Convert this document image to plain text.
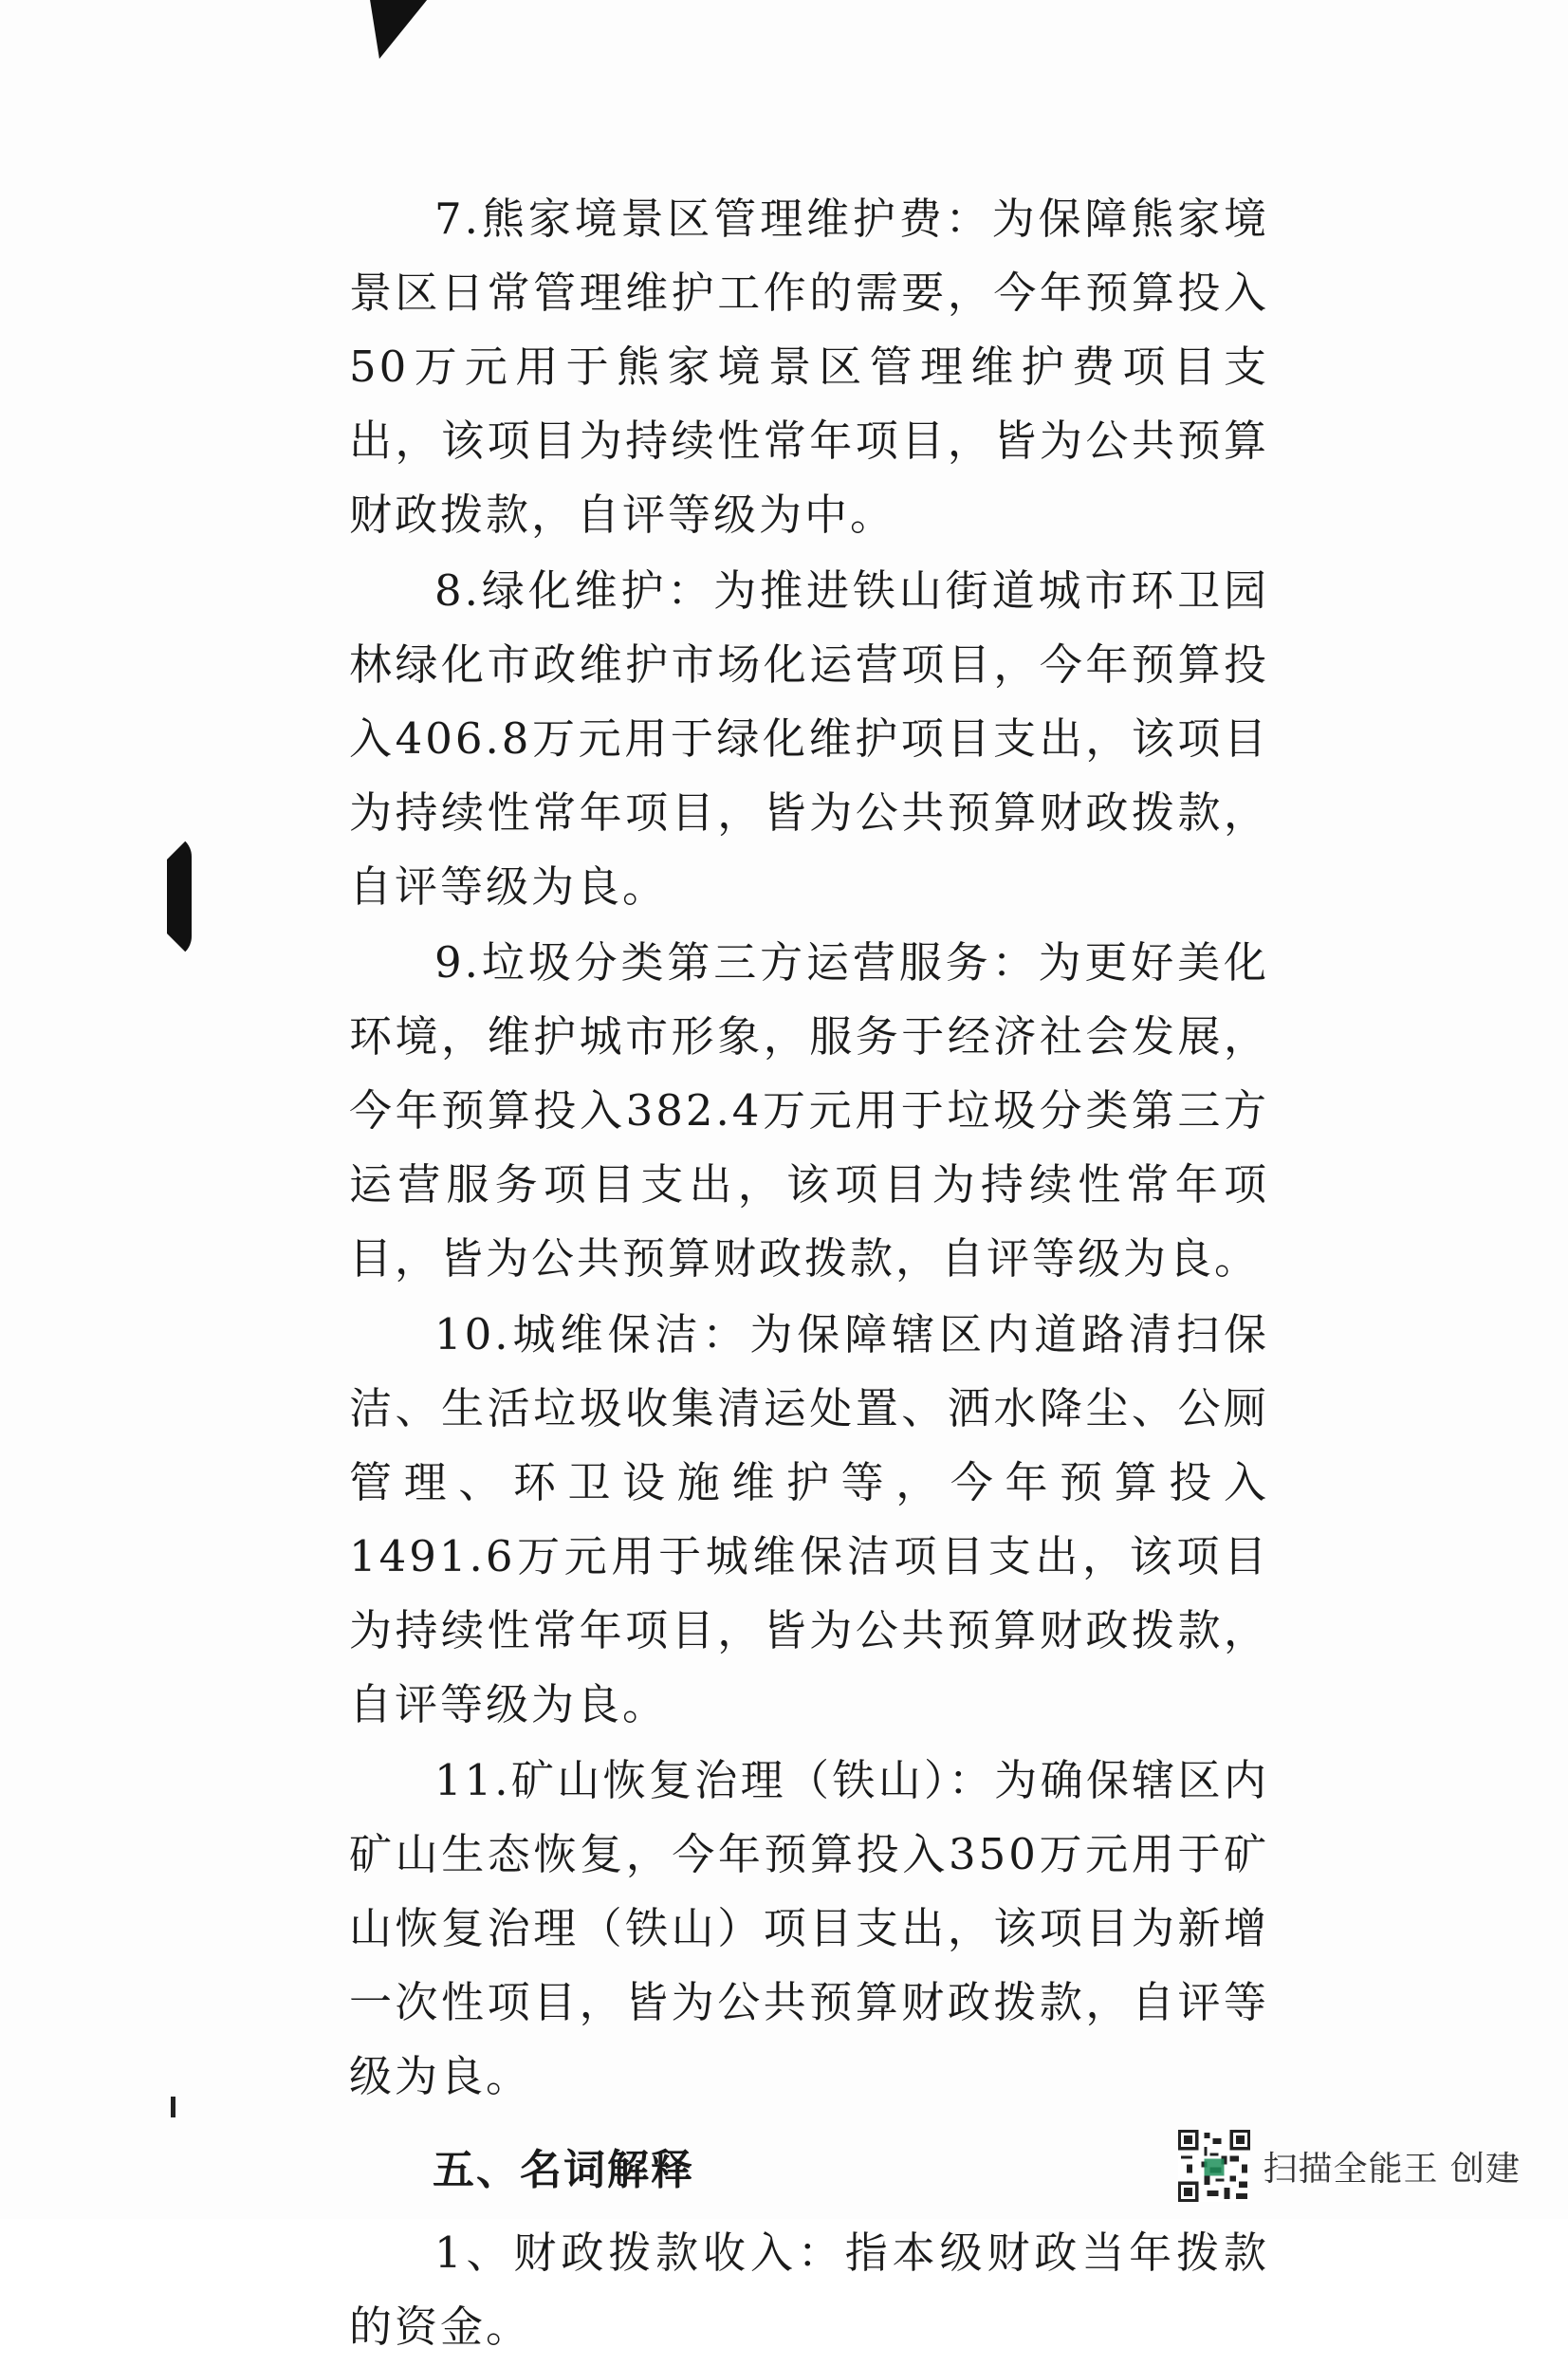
7.熊家境景区管理维护费：为保障熊家境景区日常管理维护工作的需要，今年预算投入50万元用于熊家境景区管理维护费项目支出，该项目为持续性常年项目，皆为公共预算财政拨款，自评等级为中。

8.绿化维护：为推进铁山街道城市环卫园林绿化市政维护市场化运营项目，今年预算投入406.8万元用于绿化维护项目支出，该项目为持续性常年项目，皆为公共预算财政拨款，自评等级为良。

9.垃圾分类第三方运营服务：为更好美化环境，维护城市形象，服务于经济社会发展，今年预算投入382.4万元用于垃圾分类第三方运营服务项目支出，该项目为持续性常年项目，皆为公共预算财政拨款，自评等级为良。

10.城维保洁：为保障辖区内道路清扫保洁、生活垃圾收集清运处置、洒水降尘、公厕管理、环卫设施维护等，今年预算投入1491.6万元用于城维保洁项目支出，该项目为持续性常年项目，皆为公共预算财政拨款，自评等级为良。

11.矿山恢复治理（铁山）：为确保辖区内矿山生态恢复，今年预算投入350万元用于矿山恢复治理（铁山）项目支出，该项目为新增一次性项目，皆为公共预算财政拨款，自评等级为良。

五、名词解释

1、财政拨款收入：指本级财政当年拨款的资金。

扫描全能王 创建
